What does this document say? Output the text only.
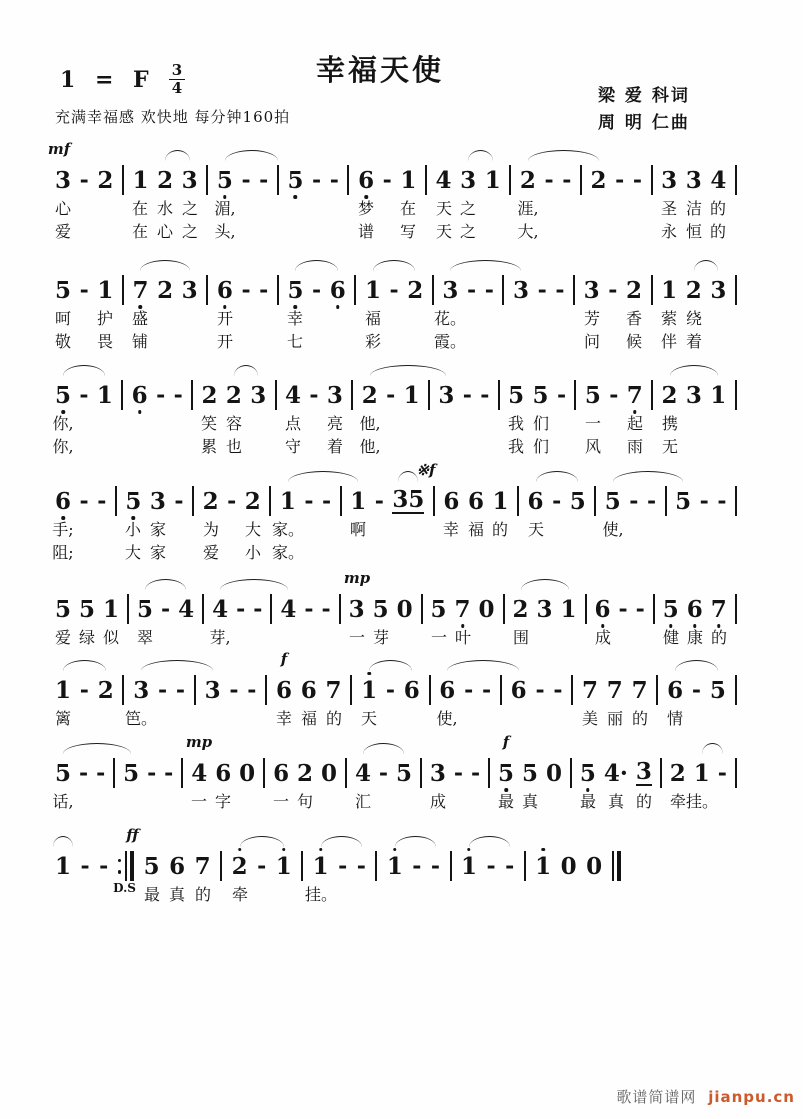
1 = F $\frac{3}{4}$	幸福天使
充满幸福感 欢快地 每分钟160拍
梁 爱 科词
周 明 仁曲
3 - 2 1 2 3 5 - - 5 - - 6 - 1 4 3 1 2 - - 2 - - 3 3 4
mf
心	在 水 之 湄,	梦 在 天 之	涯,	圣 洁 的
爱	在 心 之 头,	谱 写 天 之	大,	永 恒 的
5 - 1 7 2 3 6 - - 5 - 6 1 - 2 3 - - 3 - - 3 - 2 1 2 3
呵 护 盛	开	幸	福	花。	芳 香 萦 绕
敬 畏 铺	开	七	彩	霞。	问 候 伴 着
5 - 1 6 - - 2 2 3 4 - 3 2 - 1 3 - - 5 5 - 5 - 7 2 3 1
你,	笑 容	点 亮 他,	我 们 一 起 携
你,	累 也	守 着 他,	我 们 风 雨 无
6 - - 5 3 - 2 - 2 1 - - 1 - 35 6 6 1 6 - 5 5 - - 5 - -
※f
手;	小 家 为 大 家。	啊	幸 福 的 天	使,
阻;	大 家 爱 小 家。
5 5 1 5 - 4 4 - - 4 - - 3 5 0 5 7 0 2 3 1 6 - - 5 6 7
mp
爱 绿 似 翠	芽,	一 芽	一 叶	围	成	健 康 的
1 - 2 3 - - 3 - - 6 6 7 1 - 6 6 - - 6 - - 7 7 7 6 - 5
f
篱	笆。	幸 福 的 天	使,	美 丽 的 情
5 - - 5 - - 4 6 0 6 2 0 4 - 5 3 - - 5 5 0 5 4· 3 2 1 -
mp	f
话,	一 字	一 句	汇	成	最 真	最 真 的 牵 挂。
1 - - 5 6 7 2 - 1 1 - - 1 - - 1 - - 1 0 0
ff
D.S 最 真 的 牵	挂。
歌谱简谱网 jianpu.cn
